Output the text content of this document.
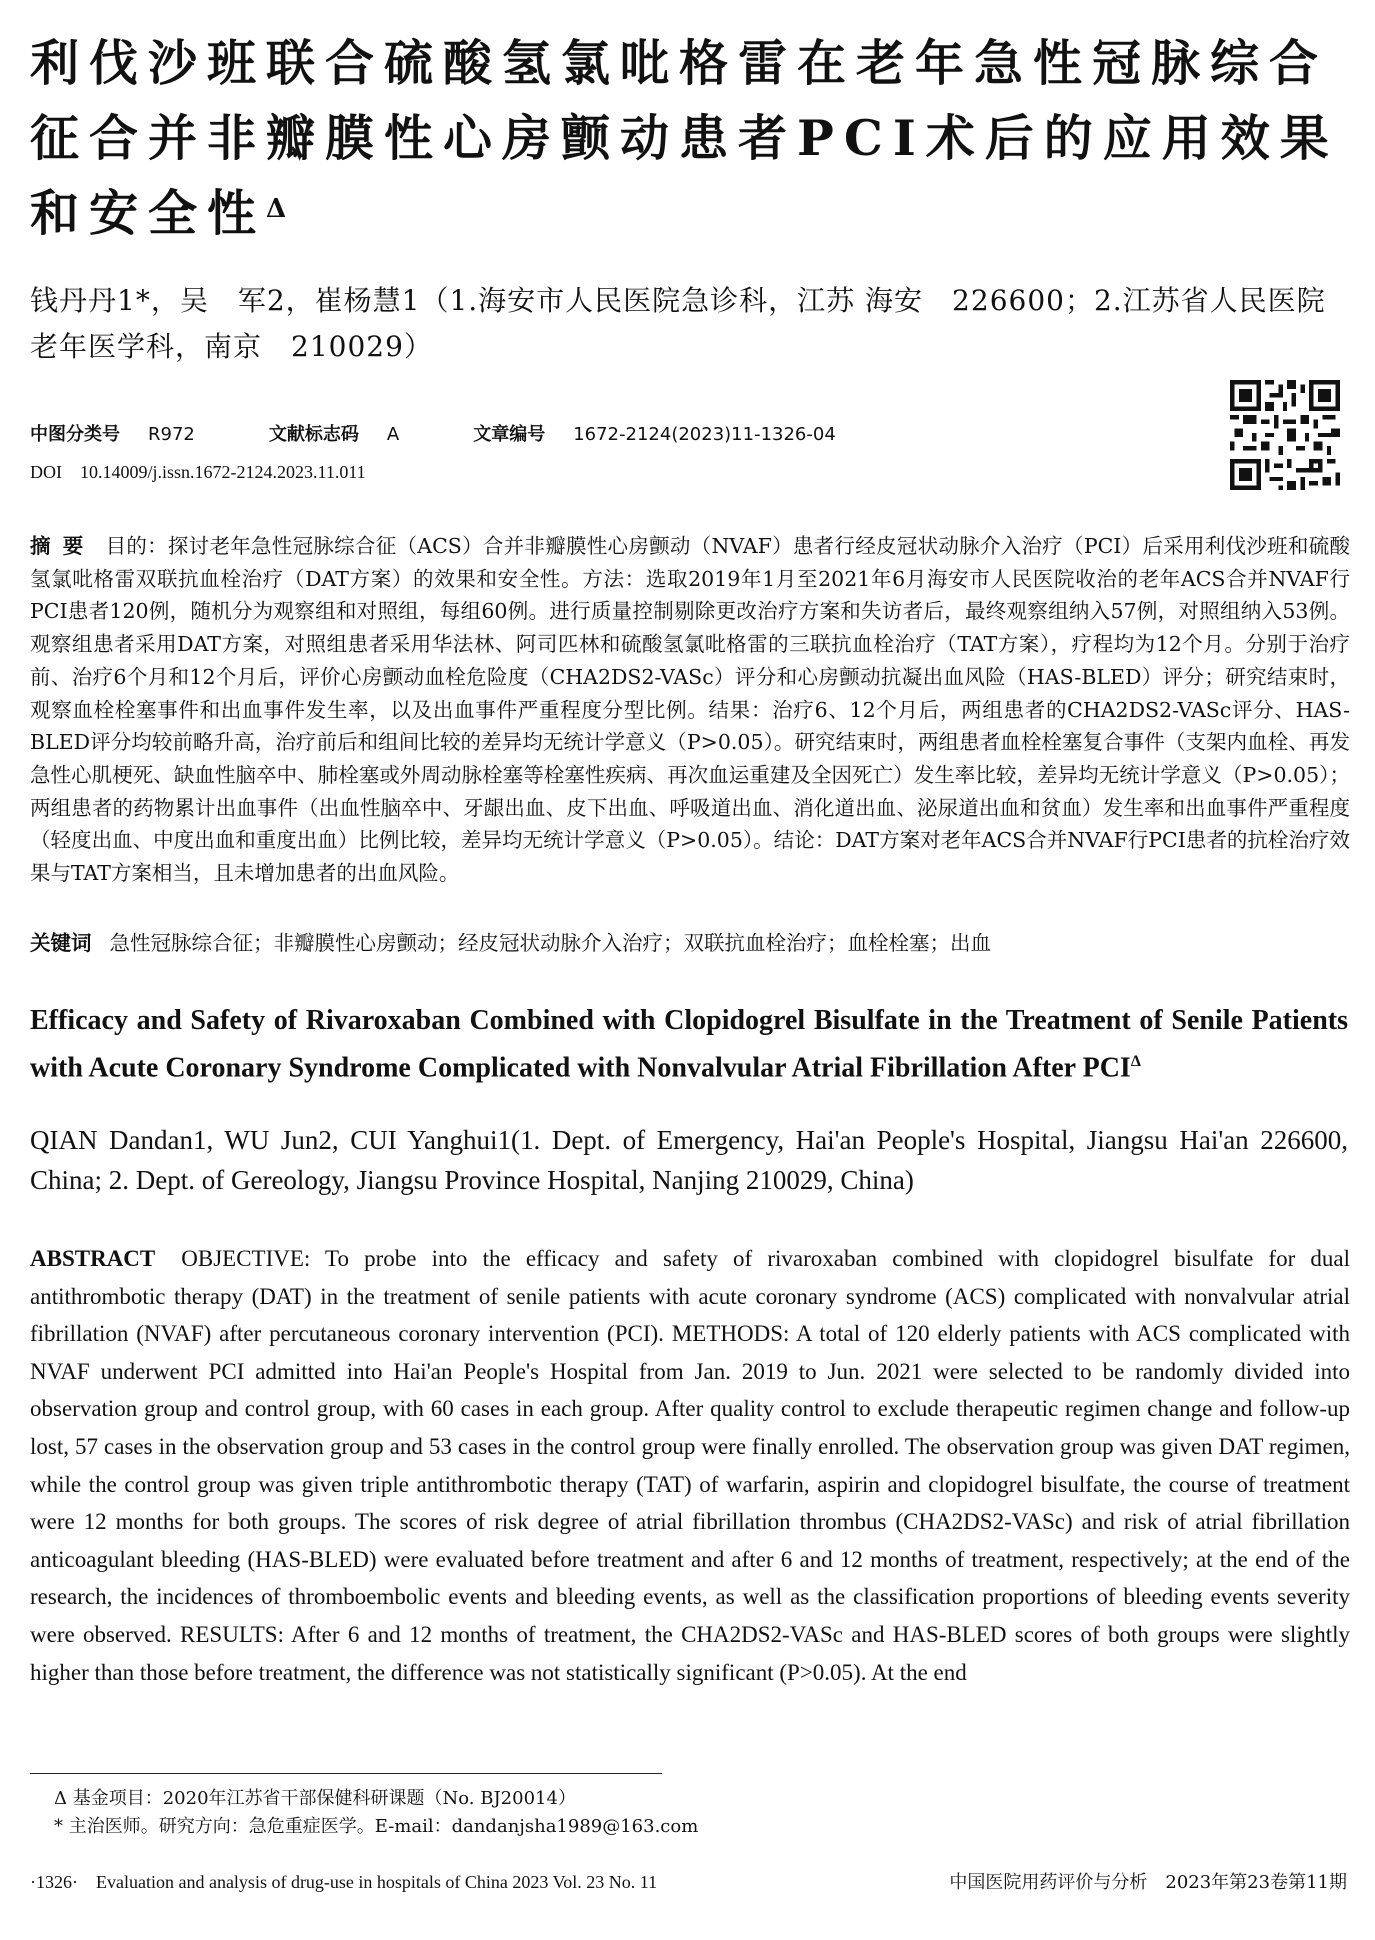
利伐沙班联合硫酸氢氯吡格雷在老年急性冠脉综合征合并非瓣膜性心房颤动患者PCI术后的应用效果和安全性$^\Delta$
钱丹丹1*，吴　军2，崔杨慧1（1.海安市人民医院急诊科，江苏 海安　226600；2.江苏省人民医院老年医学科，南京　210029）
中图分类号 R972	文献标志码 A	文章编号 1672-2124(2023)11-1326-04
DOI　10.14009/j.issn.1672-2124.2023.11.011
摘要 目的：探讨老年急性冠脉综合征（ACS）合并非瓣膜性心房颤动（NVAF）患者行经皮冠状动脉介入治疗（PCI）后采用利伐沙班和硫酸氢氯吡格雷双联抗血栓治疗（DAT方案）的效果和安全性。方法：选取2019年1月至2021年6月海安市人民医院收治的老年ACS合并NVAF行PCI患者120例，随机分为观察组和对照组，每组60例。进行质量控制剔除更改治疗方案和失访者后，最终观察组纳入57例，对照组纳入53例。观察组患者采用DAT方案，对照组患者采用华法林、阿司匹林和硫酸氢氯吡格雷的三联抗血栓治疗（TAT方案），疗程均为12个月。分别于治疗前、治疗6个月和12个月后，评价心房颤动血栓危险度（CHA2DS2-VASc）评分和心房颤动抗凝出血风险（HAS-BLED）评分；研究结束时，观察血栓栓塞事件和出血事件发生率，以及出血事件严重程度分型比例。结果：治疗6、12个月后，两组患者的CHA2DS2-VASc评分、HAS-BLED评分均较前略升高，治疗前后和组间比较的差异均无统计学意义（P>0.05）。研究结束时，两组患者血栓栓塞复合事件（支架内血栓、再发急性心肌梗死、缺血性脑卒中、肺栓塞或外周动脉栓塞等栓塞性疾病、再次血运重建及全因死亡）发生率比较，差异均无统计学意义（P>0.05）；两组患者的药物累计出血事件（出血性脑卒中、牙龈出血、皮下出血、呼吸道出血、消化道出血、泌尿道出血和贫血）发生率和出血事件严重程度（轻度出血、中度出血和重度出血）比例比较，差异均无统计学意义（P>0.05）。结论：DAT方案对老年ACS合并NVAF行PCI患者的抗栓治疗效果与TAT方案相当，且未增加患者的出血风险。
关键词 急性冠脉综合征；非瓣膜性心房颤动；经皮冠状动脉介入治疗；双联抗血栓治疗；血栓栓塞；出血
Efficacy and Safety of Rivaroxaban Combined with Clopidogrel Bisulfate in the Treatment of Senile Patients with Acute Coronary Syndrome Complicated with Nonvalvular Atrial Fibrillation After $PCI^\Delta$
QIAN Dandan1, WU Jun2, CUI Yanghui1(1. Dept. of Emergency, Hai'an People's Hospital, Jiangsu Hai'an 226600, China; 2. Dept. of Gereology, Jiangsu Province Hospital, Nanjing 210029, China)
ABSTRACT OBJECTIVE: To probe into the efficacy and safety of rivaroxaban combined with clopidogrel bisulfate for dual antithrombotic therapy (DAT) in the treatment of senile patients with acute coronary syndrome (ACS) complicated with nonvalvular atrial fibrillation (NVAF) after percutaneous coronary intervention (PCI). METHODS: A total of 120 elderly patients with ACS complicated with NVAF underwent PCI admitted into Hai'an People's Hospital from Jan. 2019 to Jun. 2021 were selected to be randomly divided into observation group and control group, with 60 cases in each group. After quality control to exclude therapeutic regimen change and follow-up lost, 57 cases in the observation group and 53 cases in the control group were finally enrolled. The observation group was given DAT regimen, while the control group was given triple antithrombotic therapy (TAT) of warfarin, aspirin and clopidogrel bisulfate, the course of treatment were 12 months for both groups. The scores of risk degree of atrial fibrillation thrombus (CHA2DS2-VASc) and risk of atrial fibrillation anticoagulant bleeding (HAS-BLED) were evaluated before treatment and after 6 and 12 months of treatment, respectively; at the end of the research, the incidences of thromboembolic events and bleeding events, as well as the classification proportions of bleeding events severity were observed. RESULTS: After 6 and 12 months of treatment, the CHA2DS2-VASc and HAS-BLED scores of both groups were slightly higher than those before treatment, the difference was not statistically significant (P>0.05). At the end
Δ 基金项目：2020年江苏省干部保健科研课题（No. BJ20014）
* 主治医师。研究方向：急危重症医学。E-mail：dandanjsha1989@163.com
·1326·　Evaluation and analysis of drug-use in hospitals of China 2023 Vol. 23 No. 11	中国医院用药评价与分析　2023年第23卷第11期
